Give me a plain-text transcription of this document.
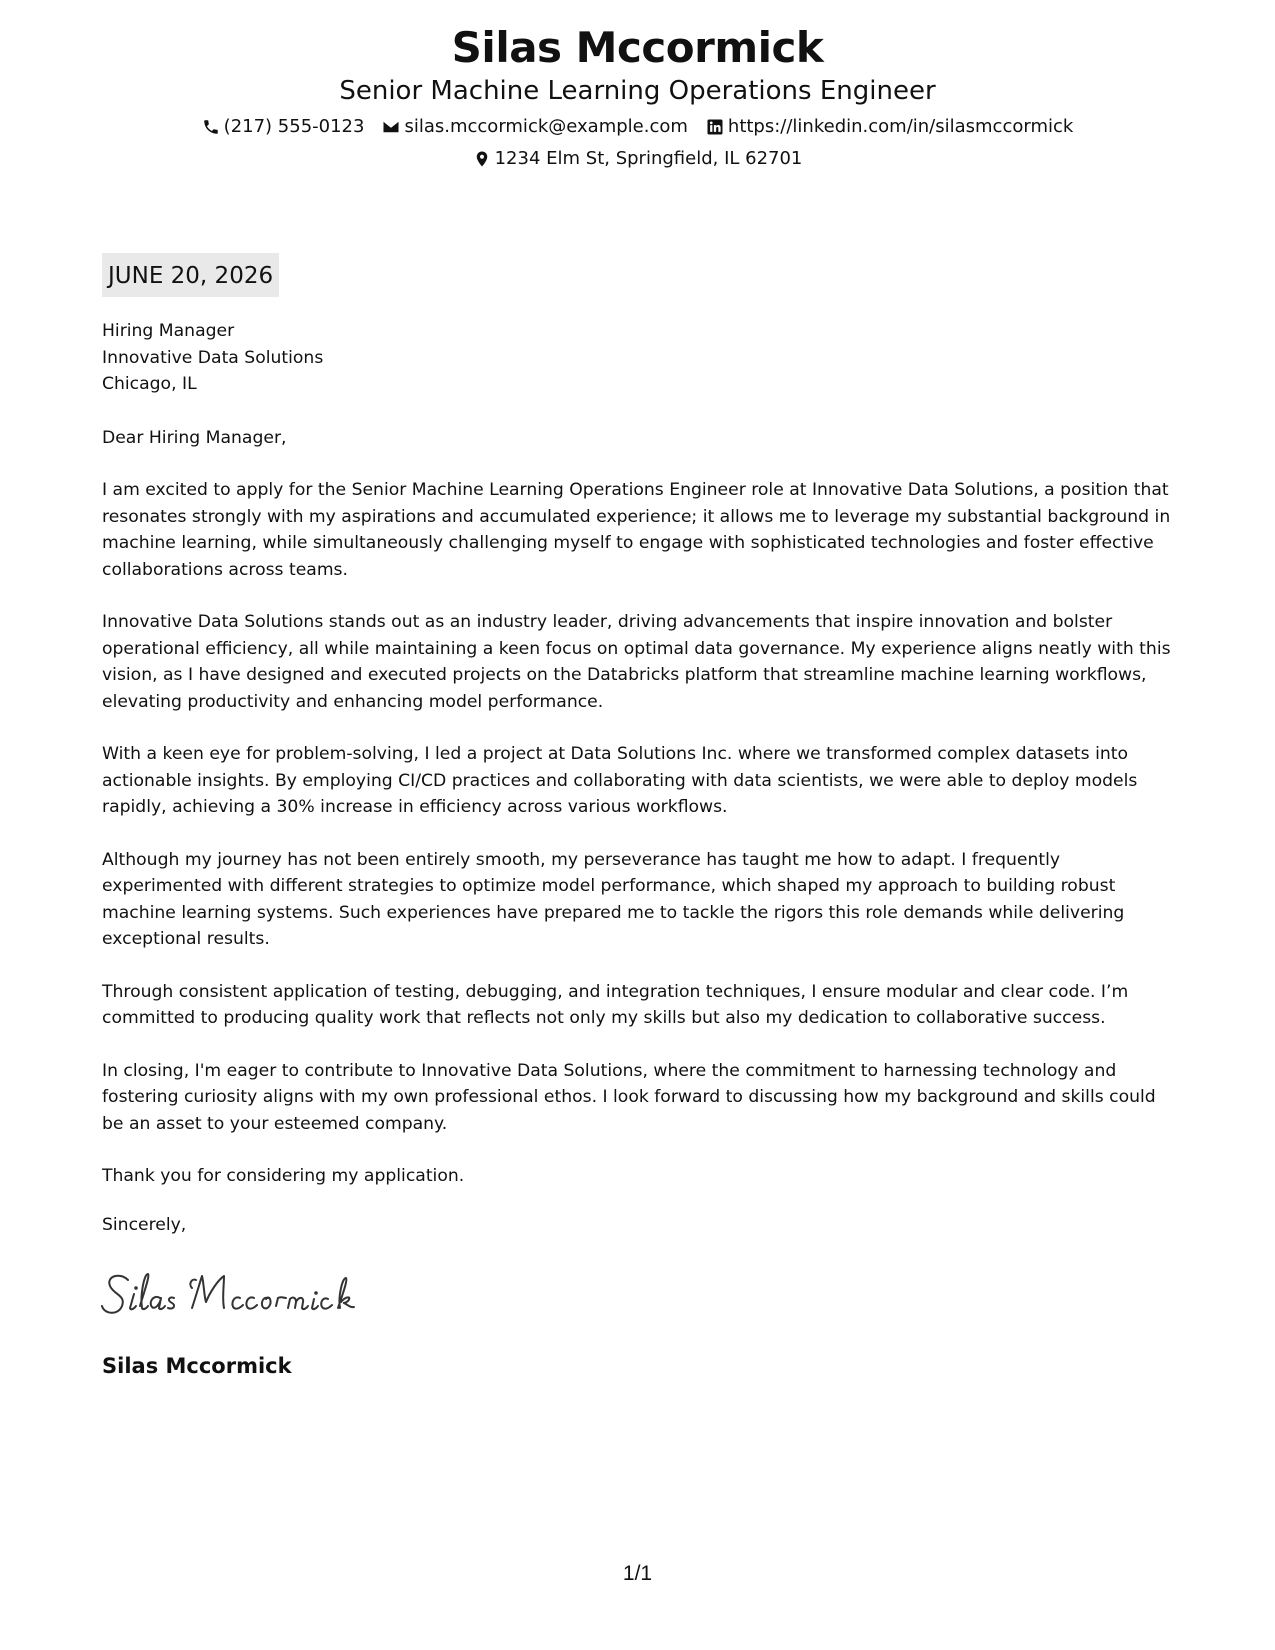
Silas Mccormick
Senior Machine Learning Operations Engineer
(217) 555-0123 silas.mccormick@example.com https://linkedin.com/in/silasmccormick
1234 Elm St, Springfield, IL 62701
JUNE 20, 2026
Hiring Manager
Innovative Data Solutions
Chicago, IL
Dear Hiring Manager,
I am excited to apply for the Senior Machine Learning Operations Engineer role at Innovative Data Solutions, a position that resonates strongly with my aspirations and accumulated experience; it allows me to leverage my substantial background in machine learning, while simultaneously challenging myself to engage with sophisticated technologies and foster effective collaborations across teams.
Innovative Data Solutions stands out as an industry leader, driving advancements that inspire innovation and bolster operational efficiency, all while maintaining a keen focus on optimal data governance. My experience aligns neatly with this vision, as I have designed and executed projects on the Databricks platform that streamline machine learning workflows, elevating productivity and enhancing model performance.
With a keen eye for problem-solving, I led a project at Data Solutions Inc. where we transformed complex datasets into actionable insights. By employing CI/CD practices and collaborating with data scientists, we were able to deploy models rapidly, achieving a 30% increase in efficiency across various workflows.
Although my journey has not been entirely smooth, my perseverance has taught me how to adapt. I frequently experimented with different strategies to optimize model performance, which shaped my approach to building robust machine learning systems. Such experiences have prepared me to tackle the rigors this role demands while delivering exceptional results.
Through consistent application of testing, debugging, and integration techniques, I ensure modular and clear code. I’m committed to producing quality work that reflects not only my skills but also my dedication to collaborative success.
In closing, I'm eager to contribute to Innovative Data Solutions, where the commitment to harnessing technology and fostering curiosity aligns with my own professional ethos. I look forward to discussing how my background and skills could be an asset to your esteemed company.
Thank you for considering my application.
Sincerely,
Silas Mccormick
1/1
